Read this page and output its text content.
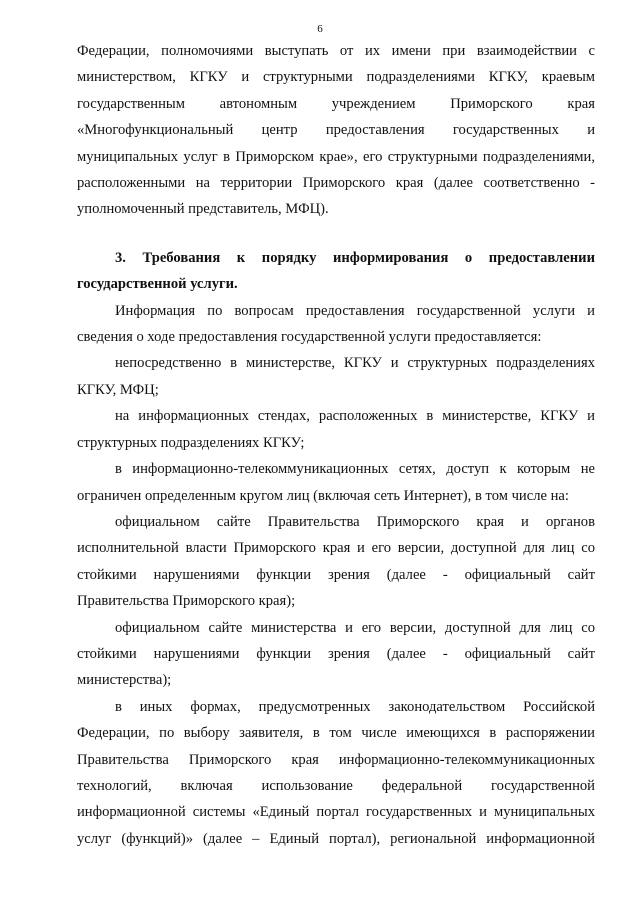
6

Федерации, полномочиями выступать от их имени при взаимодействии с
министерством, КГКУ и структурными подразделениями КГКУ, краевым
государственным автономным учреждением Приморского края
«Многофункциональный центр предоставления государственных и
муниципальных услуг в Приморском крае», его структурными подразделениями,
расположенными на территории Приморского края (далее соответственно -
уполномоченный представитель, МФЦ).

3. Требования к порядку информирования о предоставлении
государственной услуги.

Информация по вопросам предоставления государственной услуги и
сведения о ходе предоставления государственной услуги предоставляется:

непосредственно в министерстве, КГКУ и структурных подразделениях
КГКУ, МФЦ;

на информационных стендах, расположенных в министерстве, КГКУ и
структурных подразделениях КГКУ;

в информационно-телекоммуникационных сетях, доступ к которым не
ограничен определенным кругом лиц (включая сеть Интернет), в том числе на:

официальном сайте Правительства Приморского края и органов
исполнительной власти Приморского края и его версии, доступной для лиц со
стойкими нарушениями функции зрения (далее - официальный сайт
Правительства Приморского края);

официальном сайте министерства и его версии, доступной для лиц со
стойкими нарушениями функции зрения (далее - официальный сайт
министерства);

в иных формах, предусмотренных законодательством Российской
Федерации, по выбору заявителя, в том числе имеющихся в распоряжении
Правительства Приморского края информационно-телекоммуникационных
технологий, включая использование федеральной государственной
информационной системы «Единый портал государственных и муниципальных
услуг (функций)» (далее – Единый портал), региональной информационной
